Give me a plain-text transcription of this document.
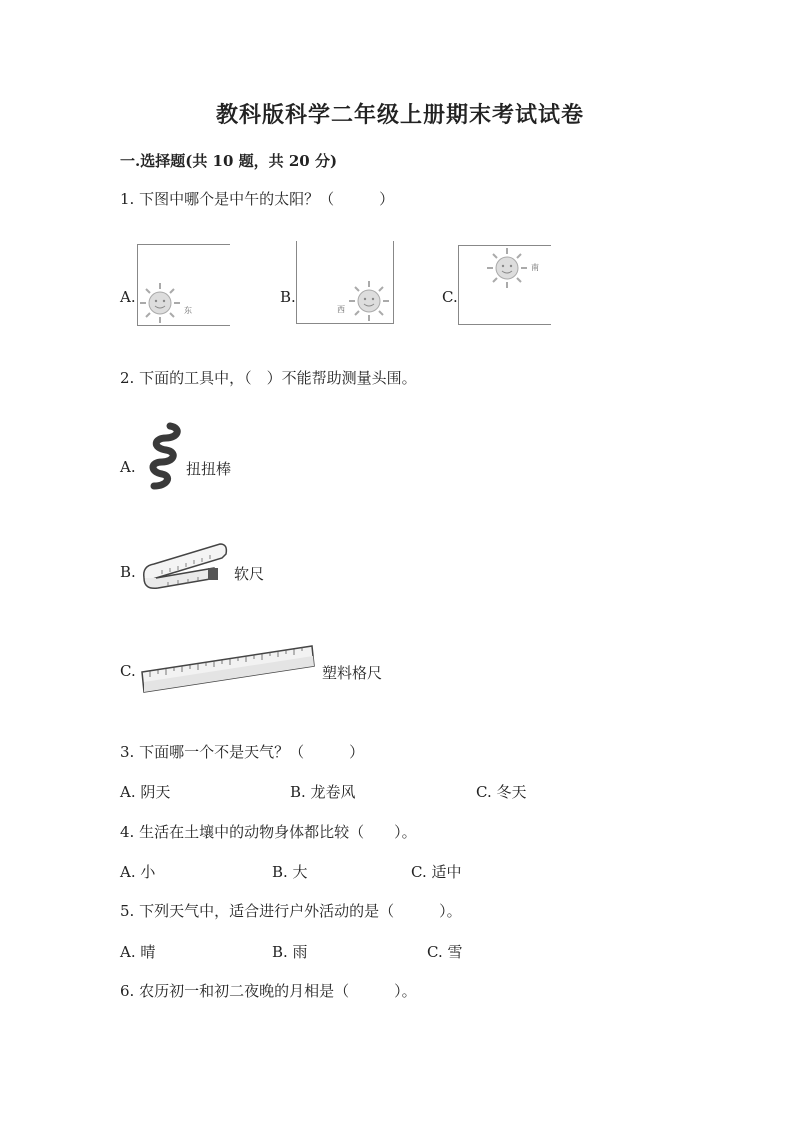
教科版科学二年级上册期末考试试卷
一.选择题(共 10 题，共 20 分)
1. 下图中哪个是中午的太阳？（　　　）
A.
东
B.
西
C.
南
2. 下面的工具中，（　）不能帮助测量头围。
A.	扭扭棒
B.	软尺
C.	塑料格尺
3. 下面哪一个不是天气？（　　　）
A. 阴天	B. 龙卷风	C. 冬天
4. 生活在土壤中的动物身体都比较（　　）。
A. 小	B. 大	C. 适中
5. 下列天气中，适合进行户外活动的是（　　　）。
A. 晴	B. 雨	C. 雪
6. 农历初一和初二夜晚的月相是（　　　）。
